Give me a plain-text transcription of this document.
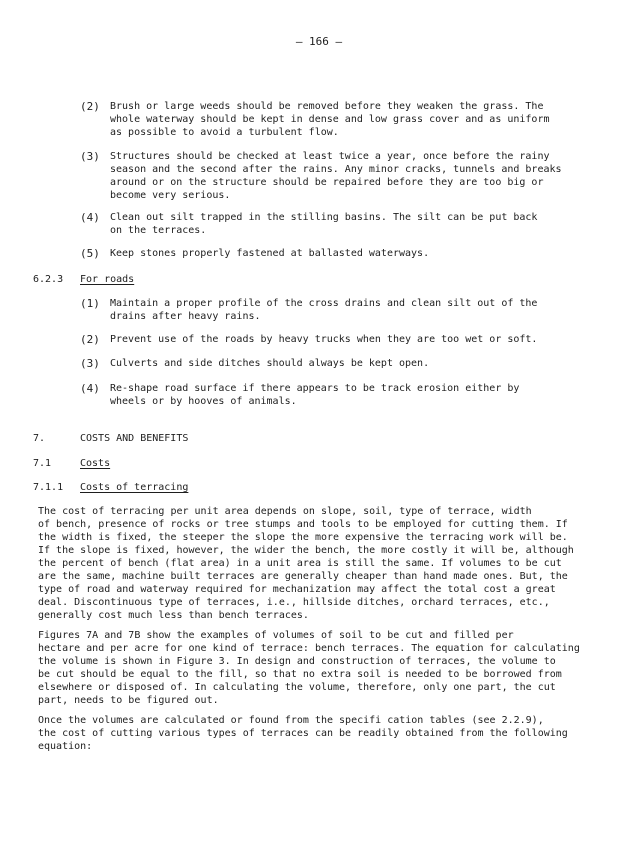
– 166 –
(2) Brush or large weeds should be removed before they weaken the grass. The
whole waterway should be kept in dense and low grass cover and as uniform
as possible to avoid a turbulent flow.
(3) Structures should be checked at least twice a year, once before the rainy
season and the second after the rains. Any minor cracks, tunnels and breaks
around or on the structure should be repaired before they are too big or
become very serious.
(4) Clean out silt trapped in the stilling basins. The silt can be put back
on the terraces.
(5) Keep stones properly fastened at ballasted waterways.
6.2.3 For roads
(1) Maintain a proper profile of the cross drains and clean silt out of the
drains after heavy rains.
(2) Prevent use of the roads by heavy trucks when they are too wet or soft.
(3) Culverts and side ditches should always be kept open.
(4) Re-shape road surface if there appears to be track erosion either by
wheels or by hooves of animals.
7.	COSTS AND BENEFITS
7.1	Costs
7.1.1 Costs of terracing
The cost of terracing per unit area depends on slope, soil, type of terrace, width
of bench, presence of rocks or tree stumps and tools to be employed for cutting them. If
the width is fixed, the steeper the slope the more expensive the terracing work will be.
If the slope is fixed, however, the wider the bench, the more costly it will be, although
the percent of bench (flat area) in a unit area is still the same. If volumes to be cut
are the same, machine built terraces are generally cheaper than hand made ones. But, the
type of road and waterway required for mechanization may affect the total cost a great
deal. Discontinuous type of terraces, i.e., hillside ditches, orchard terraces, etc.,
generally cost much less than bench terraces.
Figures 7A and 7B show the examples of volumes of soil to be cut and filled per
hectare and per acre for one kind of terrace: bench terraces. The equation for calculating
the volume is shown in Figure 3. In design and construction of terraces, the volume to
be cut should be equal to the fill, so that no extra soil is needed to be borrowed from
elsewhere or disposed of. In calculating the volume, therefore, only one part, the cut
part, needs to be figured out.
Once the volumes are calculated or found from the specifi cation tables (see 2.2.9),
the cost of cutting various types of terraces can be readily obtained from the following
equation:
